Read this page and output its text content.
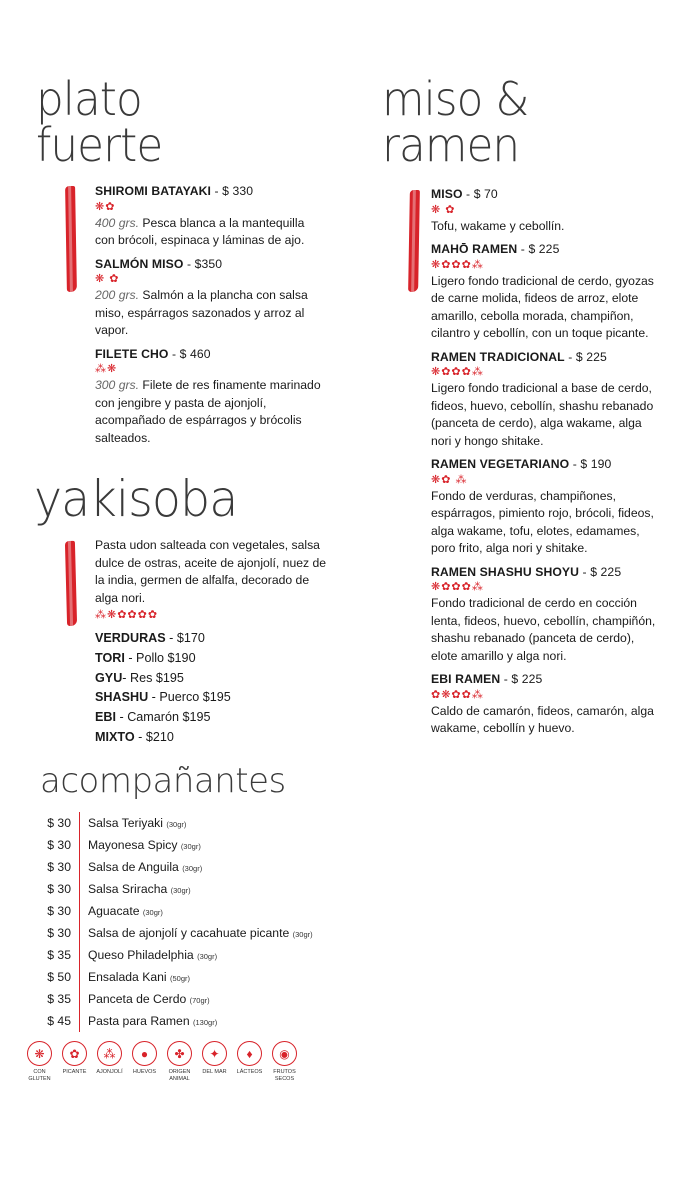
plato
fuerte
miso &
ramen
yakisoba
acompañantes
SHIROMI BATAYAKI - $ 330
❋✿
400 grs. Pesca blanca a la mantequilla con brócoli, espinaca y láminas de ajo.
SALMÓN MISO - $350
❋ ✿
200 grs. Salmón a la plancha con salsa miso, espárragos sazonados y arroz al vapor.
FILETE CHO - $ 460
⁂❋
300 grs. Filete de res finamente marinado con jengibre y pasta de ajonjolí, acompañado de espárragos y brócolis salteados.
Pasta udon salteada con vegetales, salsa dulce de ostras, aceite de ajonjolí, nuez de la india, germen de alfalfa, decorado de alga nori.
⁂❋✿✿✿✿
VERDURAS - $170
TORI - Pollo $190
GYU- Res $195
SHASHU - Puerco $195
EBI - Camarón $195
MIXTO - $210
MISO - $ 70
❋ ✿
Tofu, wakame y cebollín.
MAHŌ RAMEN - $ 225
❋✿✿✿⁂
Ligero fondo tradicional de cerdo, gyozas de carne molida, fideos de arroz, elote amarillo, cebolla morada, champiñon, cilantro y cebollín, con un toque picante.
RAMEN TRADICIONAL - $ 225
❋✿✿✿⁂
Ligero fondo tradicional a base de cerdo, fideos, huevo, cebollín, shashu rebanado (panceta de cerdo), alga wakame, alga nori y hongo shitake.
RAMEN VEGETARIANO - $ 190
❋✿ ⁂
Fondo de verduras, champiñones, espárragos, pimiento rojo, brócoli, fideos, alga wakame, tofu, elotes, edamames, poro frito, alga nori y shitake.
RAMEN SHASHU SHOYU - $ 225
❋✿✿✿⁂
Fondo tradicional de cerdo en cocción lenta, fideos, huevo, cebollín, champiñón, shashu rebanado (panceta de cerdo), elote amarillo y alga nori.
EBI RAMEN - $ 225
✿❋✿✿⁂
Caldo de camarón, fideos, camarón, alga wakame, cebollín y huevo.
$ 30	Salsa Teriyaki (30gr)
$ 30	Mayonesa Spicy (30gr)
$ 30	Salsa de Anguila (30gr)
$ 30	Salsa Sriracha (30gr)
$ 30	Aguacate (30gr)
$ 30	Salsa de ajonjolí y cacahuate picante (30gr)
$ 35	Queso Philadelphia (30gr)
$ 50	Ensalada Kani (50gr)
$ 35	Panceta de Cerdo (70gr)
$ 45	Pasta para Ramen (130gr)
❋
CON GLUTEN
✿
PICANTE
⁂
AJONJOLÍ
●
HUEVOS
✤
ORIGEN ANIMAL
✦
DEL MAR
♦
LÁCTEOS
◉
FRUTOS SECOS
